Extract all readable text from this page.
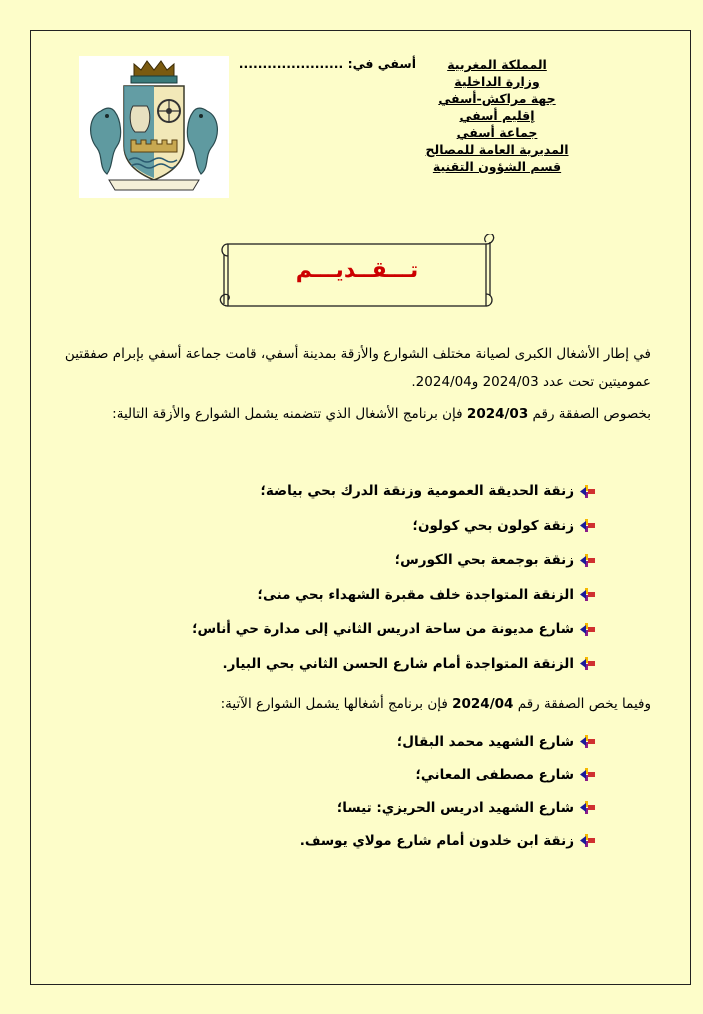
المملكة المغربية
وزارة الداخلية
جهة مراكش-أسفي
إقليم أسفي
جماعة أسفي
المديرية العامة للمصالح
قسم الشؤون التقنية
أسفي في: ......................
تـــقــديـــم
في إطار الأشغال الكبرى لصيانة مختلف الشوارع والأزقة بمدينة أسفي، قامت جماعة أسفي بإبرام صفقتين عموميتين تحت عدد 2024/03 و2024/04.
بخصوص الصفقة رقم 2024/03 فإن برنامج الأشغال الذي تتضمنه يشمل الشوارع والأزقة التالية:
زنقة الحديقة العمومية وزنقة الدرك بحي بياضة؛
زنقة كولون بحي كولون؛
زنقة بوجمعة بحي الكورس؛
الزنقة المتواجدة خلف مقبرة الشهداء بحي منى؛
شارع مديونة من ساحة ادريس الثاني إلى مدارة حي أناس؛
الزنقة المتواجدة أمام شارع الحسن الثاني بحي البيار.
وفيما يخص الصفقة رقم 2024/04 فإن برنامج أشغالها يشمل الشوارع الآتية:
شارع الشهيد محمد البقال؛
شارع مصطفى المعاني؛
شارع الشهيد ادريس الحريزي: تيسا؛
زنقة ابن خلدون أمام شارع مولاي يوسف.
